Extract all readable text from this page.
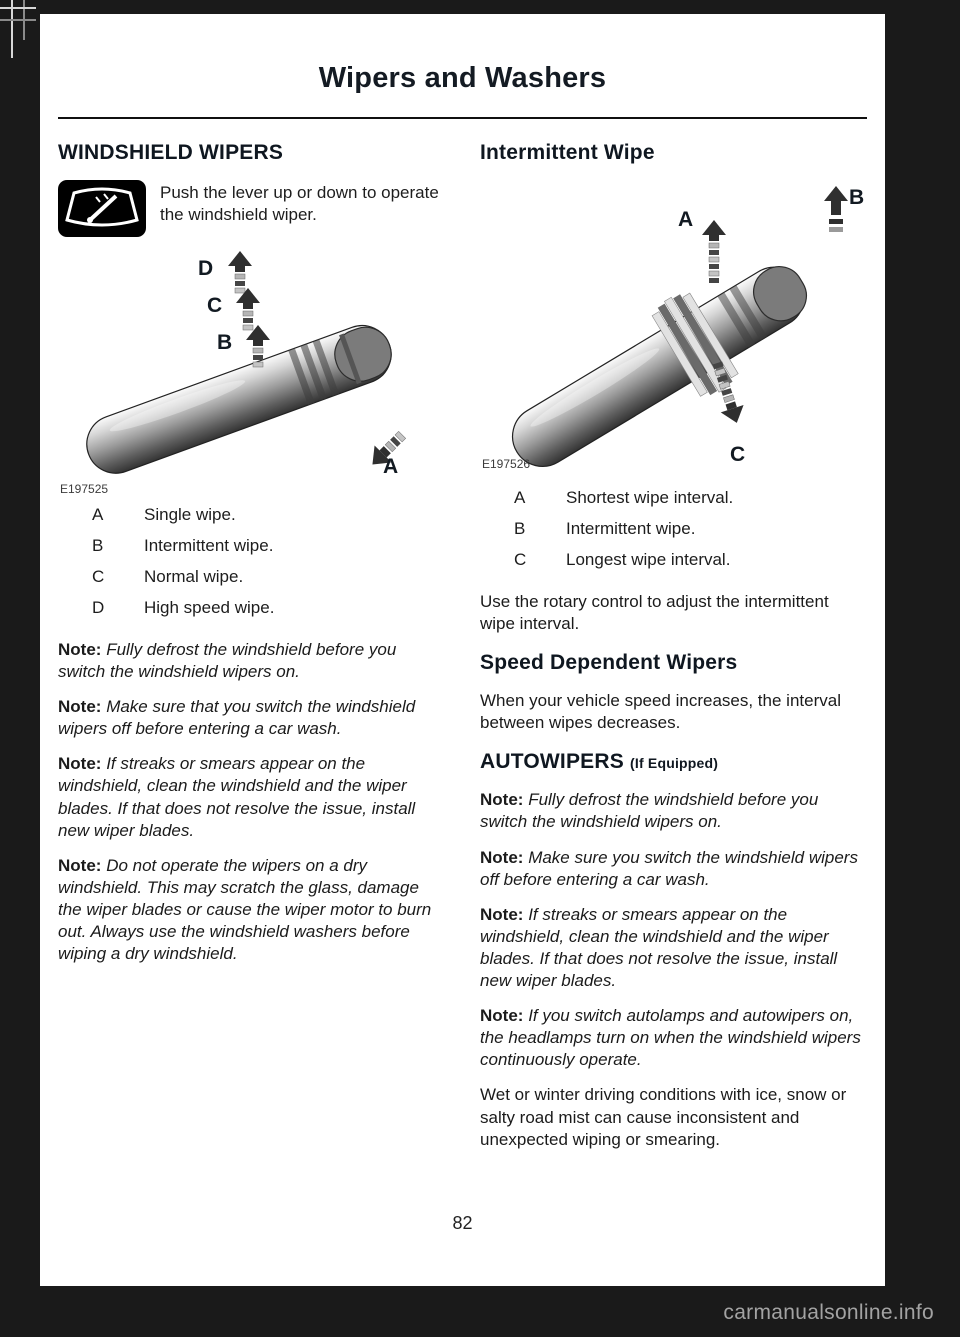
Wipers and Washers
WINDSHIELD WIPERS

Push the lever up or down to operate the windshield wiper.

D
C
B
A
E197525
A	Single wipe.
B	Intermittent wipe.
C	Normal wipe.
D	High speed wipe.

Note: Fully defrost the windshield before you switch the windshield wipers on.

Note: Make sure that you switch the windshield wipers off before entering a car wash.

Note: If streaks or smears appear on the windshield, clean the windshield and the wiper blades. If that does not resolve the issue, install new wiper blades.

Note: Do not operate the wipers on a dry windshield. This may scratch the glass, damage the wiper blades or cause the wiper motor to burn out. Always use the windshield washers before wiping a dry windshield.

Intermittent Wipe
A
B
C
E197526
A	Shortest wipe interval.
B	Intermittent wipe.
C	Longest wipe interval.

Use the rotary control to adjust the intermittent wipe interval.

Speed Dependent Wipers

When your vehicle speed increases, the interval between wipes decreases.

AUTOWIPERS (If Equipped)

Note: Fully defrost the windshield before you switch the windshield wipers on.

Note: Make sure you switch the windshield wipers off before entering a car wash.

Note: If streaks or smears appear on the windshield, clean the windshield and the wiper blades. If that does not resolve the issue, install new wiper blades.

Note: If you switch autolamps and autowipers on, the headlamps turn on when the windshield wipers continuously operate.

Wet or winter driving conditions with ice, snow or salty road mist can cause inconsistent and unexpected wiping or smearing.

82
carmanualsonline.info
